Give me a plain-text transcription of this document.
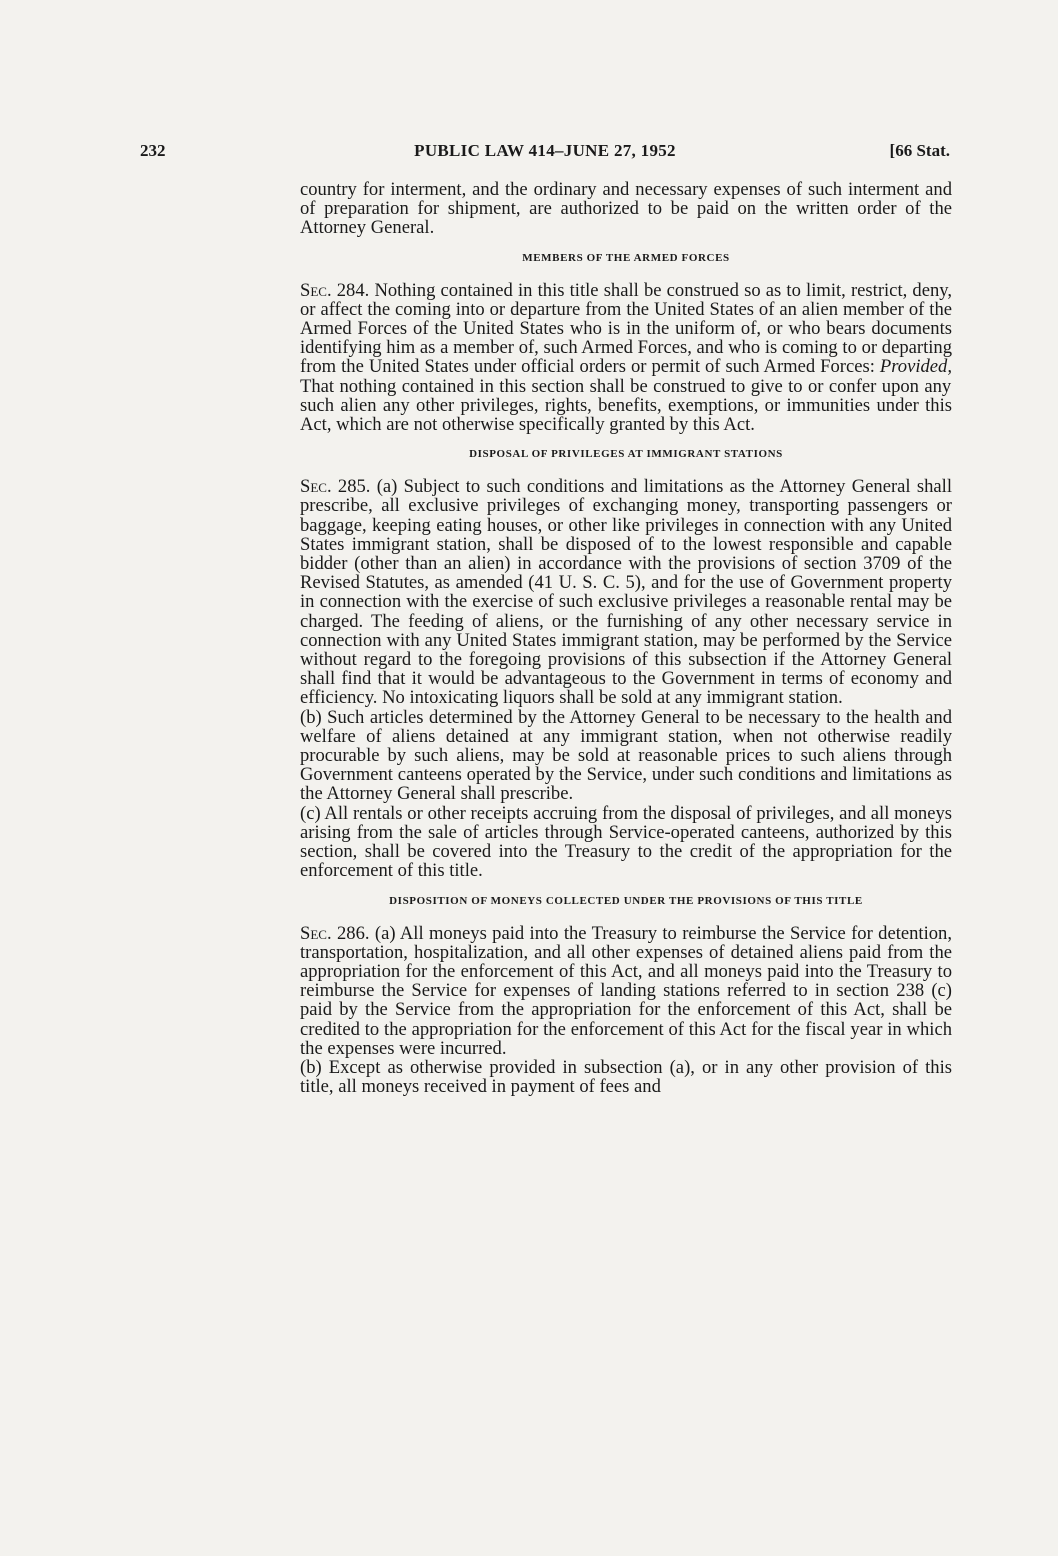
232	PUBLIC LAW 414–JUNE 27, 1952	[66 Stat.

country for interment, and the ordinary and necessary expenses of such interment and of preparation for shipment, are authorized to be paid on the written order of the Attorney General.

MEMBERS OF THE ARMED FORCES

Sec. 284. Nothing contained in this title shall be construed so as to limit, restrict, deny, or affect the coming into or departure from the United States of an alien member of the Armed Forces of the United States who is in the uniform of, or who bears documents identifying him as a member of, such Armed Forces, and who is coming to or departing from the United States under official orders or permit of such Armed Forces: Provided, That nothing contained in this section shall be construed to give to or confer upon any such alien any other privileges, rights, benefits, exemptions, or immunities under this Act, which are not otherwise specifically granted by this Act.

DISPOSAL OF PRIVILEGES AT IMMIGRANT STATIONS

Sec. 285. (a) Subject to such conditions and limitations as the Attorney General shall prescribe, all exclusive privileges of exchanging money, transporting passengers or baggage, keeping eating houses, or other like privileges in connection with any United States immigrant station, shall be disposed of to the lowest responsible and capable bidder (other than an alien) in accordance with the provisions of section 3709 of the Revised Statutes, as amended (41 U. S. C. 5), and for the use of Government property in connection with the exercise of such exclusive privileges a reasonable rental may be charged. The feeding of aliens, or the furnishing of any other necessary service in connection with any United States immigrant station, may be performed by the Service without regard to the foregoing provisions of this subsection if the Attorney General shall find that it would be advantageous to the Government in terms of economy and efficiency. No intoxicating liquors shall be sold at any immigrant station.

(b) Such articles determined by the Attorney General to be necessary to the health and welfare of aliens detained at any immigrant station, when not otherwise readily procurable by such aliens, may be sold at reasonable prices to such aliens through Government canteens operated by the Service, under such conditions and limitations as the Attorney General shall prescribe.

(c) All rentals or other receipts accruing from the disposal of privileges, and all moneys arising from the sale of articles through Service-operated canteens, authorized by this section, shall be covered into the Treasury to the credit of the appropriation for the enforcement of this title.

DISPOSITION OF MONEYS COLLECTED UNDER THE PROVISIONS OF THIS TITLE

Sec. 286. (a) All moneys paid into the Treasury to reimburse the Service for detention, transportation, hospitalization, and all other expenses of detained aliens paid from the appropriation for the enforcement of this Act, and all moneys paid into the Treasury to reimburse the Service for expenses of landing stations referred to in section 238 (c) paid by the Service from the appropriation for the enforcement of this Act, shall be credited to the appropriation for the enforcement of this Act for the fiscal year in which the expenses were incurred.

(b) Except as otherwise provided in subsection (a), or in any other provision of this title, all moneys received in payment of fees and
